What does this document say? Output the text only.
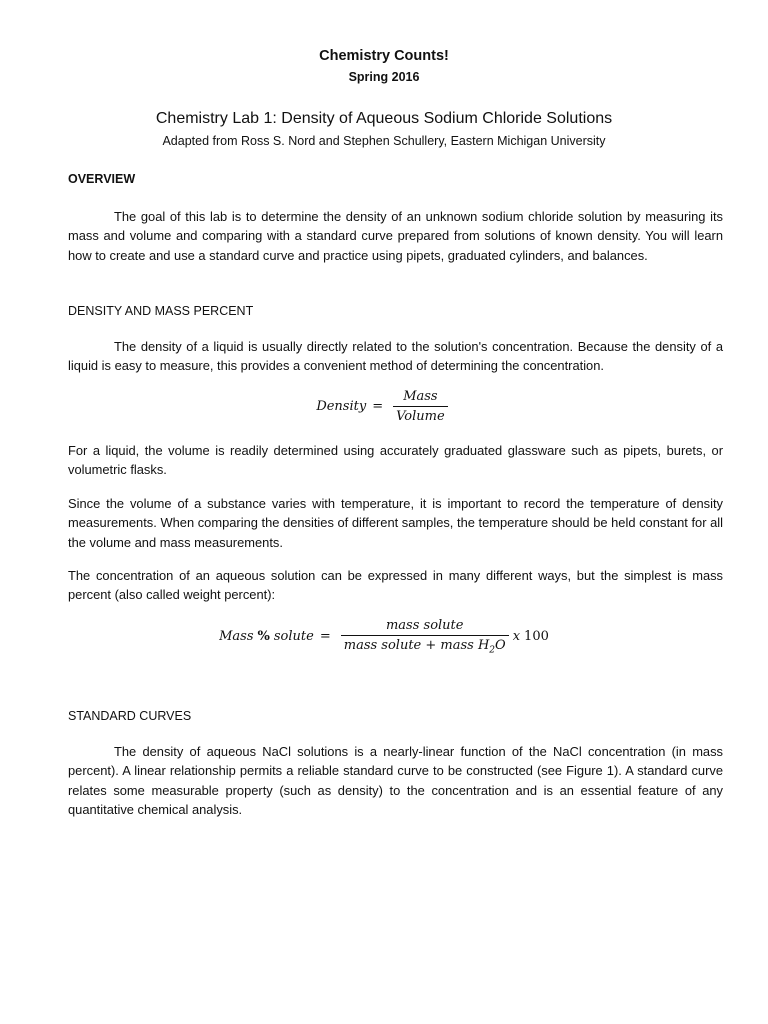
Chemistry Counts!
Spring 2016
Chemistry Lab 1: Density of Aqueous Sodium Chloride Solutions
Adapted from Ross S. Nord and Stephen Schullery, Eastern Michigan University
OVERVIEW

The goal of this lab is to determine the density of an unknown sodium chloride solution by measuring its mass and volume and comparing with a standard curve prepared from solutions of known density. You will learn how to create and use a standard curve and practice using pipets, graduated cylinders, and balances.

DENSITY AND MASS PERCENT

The density of a liquid is usually directly related to the solution's concentration. Because the density of a liquid is easy to measure, this provides a convenient method of determining the concentration.

Density = $\frac{\text{Mass}}{\text{Volume}}$

For a liquid, the volume is readily determined using accurately graduated glassware such as pipets, burets, or volumetric flasks.

Since the volume of a substance varies with temperature, it is important to record the temperature of density measurements. When comparing the densities of different samples, the temperature should be held constant for all the volume and mass measurements.

The concentration of an aqueous solution can be expressed in many different ways, but the simplest is mass percent (also called weight percent):

Mass % solute = $\frac{\text{mass solute}}{mass solute + mass H_2O}$ x 100
STANDARD CURVES

The density of aqueous NaCl solutions is a nearly-linear function of the NaCl concentration (in mass percent). A linear relationship permits a reliable standard curve to be constructed (see Figure 1). A standard curve relates some measurable property (such as density) to the concentration and is an essential feature of any quantitative chemical analysis.
